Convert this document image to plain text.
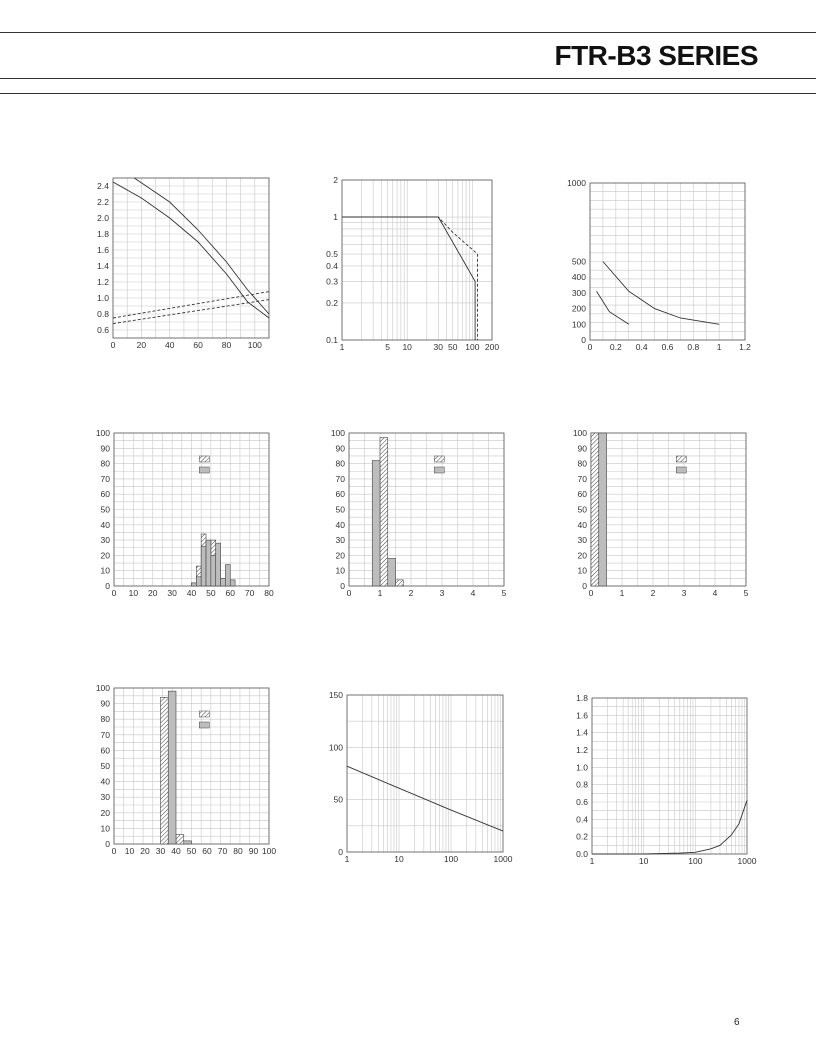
FTR-B3 SERIES
0	20 40 60 80 100
0.6
0.8
1.0
1.2
1.4
1.6
1.8
2.0
2.2
2.4
1	5 10	30 50 100 200
0.1
0.2
0.3
0.4
0.5
1
2
0 0.2 0.4 0.6 0.8 1 1.2
0
100
200
300
400
500
1000
0 10 20 30 40 50 60 70 80
0
10
20
30
40
50
60
70
80
90
100
0	1	2	3	4	5
0
10
20
30
40
50
60
70
80
90
100
0	1	2	3	4	5
0
10
20
30
40
50
60
70
80
90
100
0 10 20 30 40 50 60 70 80 90 100
0
10
20
30
40
50
60
70
80
90
100
1	10	100	1000
0
50
100
150
1	10	100	1000
0.0
0.2
0.4
0.6
0.8
1.0
1.2
1.4
1.6
1.8
6
